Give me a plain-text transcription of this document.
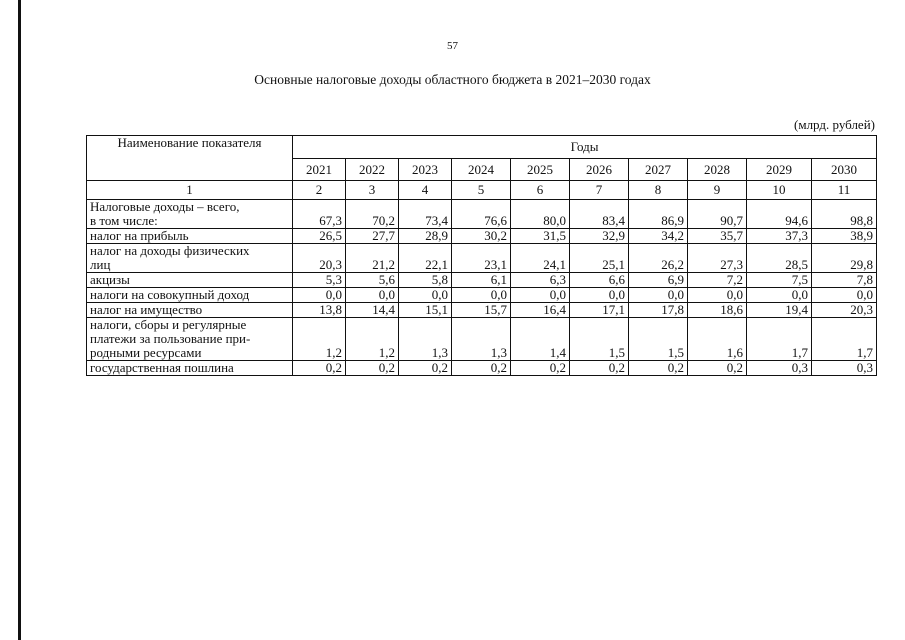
57
Основные налоговые доходы областного бюджета в 2021–2030 годах
(млрд. рублей)
Наименование показателя	Годы									
	2021	2022	2023	2024	2025	2026	2027	2028	2029	2030
1	2	3	4	5	6	7	8	9	10	11
Налоговые доходы – всего,
в том числе:	67,3	70,2	73,4	76,6	80,0	83,4	86,9	90,7	94,6	98,8
налог на прибыль	26,5	27,7	28,9	30,2	31,5	32,9	34,2	35,7	37,3	38,9
налог на доходы физических
лиц	20,3	21,2	22,1	23,1	24,1	25,1	26,2	27,3	28,5	29,8
акцизы	5,3	5,6	5,8	6,1	6,3	6,6	6,9	7,2	7,5	7,8
налоги на совокупный доход	0,0	0,0	0,0	0,0	0,0	0,0	0,0	0,0	0,0	0,0
налог на имущество	13,8	14,4	15,1	15,7	16,4	17,1	17,8	18,6	19,4	20,3
налоги, сборы и регулярные
платежи за пользование при-
родными ресурсами	1,2	1,2	1,3	1,3	1,4	1,5	1,5	1,6	1,7	1,7
государственная пошлина	0,2	0,2	0,2	0,2	0,2	0,2	0,2	0,2	0,3	0,3
